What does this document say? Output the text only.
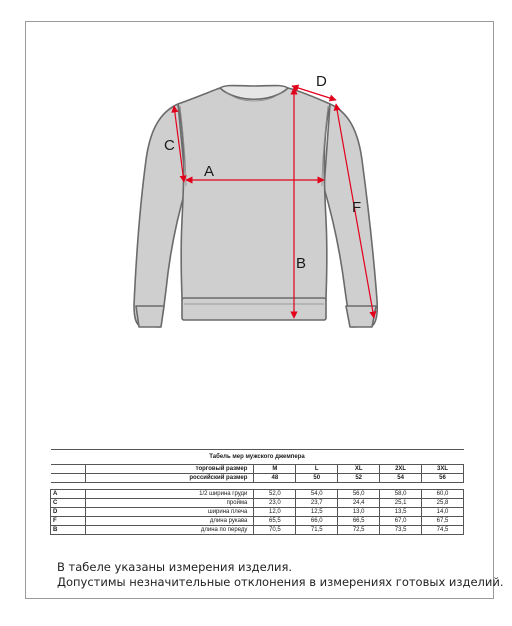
A
B
C
D
F
Табель мер мужского джемпера						
	торговый размер	M	L	XL	2XL	3XL
	российский размер	48	50	52	54	56

A	1/2 ширина груди	52,0	54,0	56,0	58,0	60,0
C	пройма	23,0	23,7	24,4	25,1	25,8
D	ширина плеча	12,0	12,5	13,0	13,5	14,0
F	длина рукава	65,5	66,0	66,5	67,0	67,5
B	длина по переду	70,5	71,5	72,5	73,5	74,5
В табеле указаны измерения изделия.
Допустимы незначительные отклонения в измерениях готовых изделий.
